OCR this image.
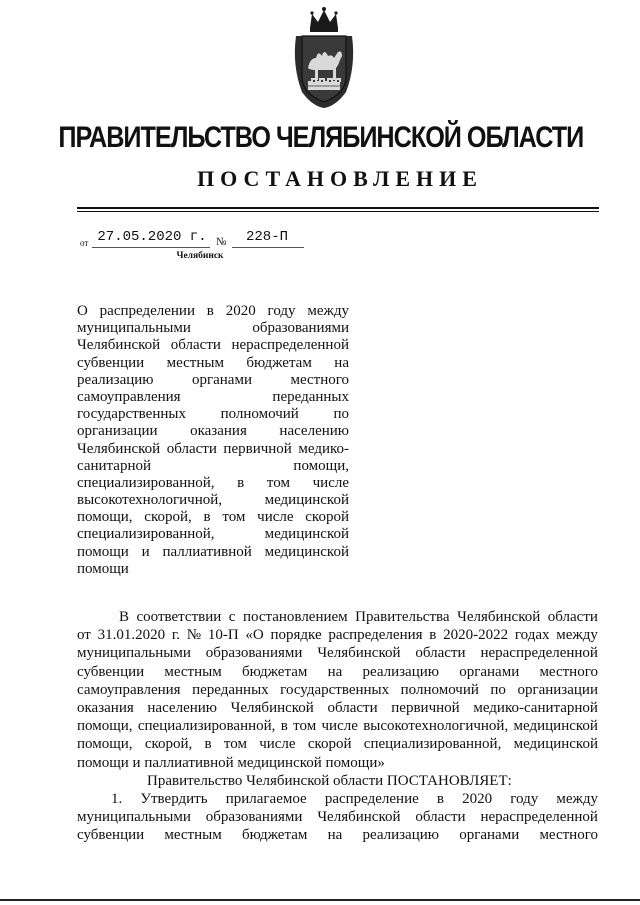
ПРАВИТЕЛЬСТВО ЧЕЛЯБИНСКОЙ ОБЛАСТИ
ПОСТАНОВЛЕНИЕ
от 27.05.2020 г. №	228-П
Челябинск
О распределении в 2020 году между
муниципальными образованиями
Челябинской области нераспределенной
субвенции местным бюджетам на
реализацию органами местного
самоуправления переданных
государственных полномочий по
организации оказания населению
Челябинской области первичной медико-
санитарной помощи,
специализированной, в том числе
высокотехнологичной, медицинской
помощи, скорой, в том числе скорой
специализированной, медицинской
помощи и паллиативной медицинской
помощи
В соответствии с постановлением Правительства Челябинской области
от 31.01.2020 г. № 10-П «О порядке распределения в 2020-2022 годах между
муниципальными образованиями Челябинской области нераспределенной
субвенции местным бюджетам на реализацию органами местного
самоуправления переданных государственных полномочий по организации
оказания населению Челябинской области первичной медико-санитарной
помощи, специализированной, в том числе высокотехнологичной, медицинской
помощи, скорой, в том числе скорой специализированной, медицинской
помощи и паллиативной медицинской помощи»
Правительство Челябинской области ПОСТАНОВЛЯЕТ:
1. Утвердить прилагаемое распределение в 2020 году между
муниципальными образованиями Челябинской области нераспределенной
субвенции местным бюджетам на реализацию органами местного
